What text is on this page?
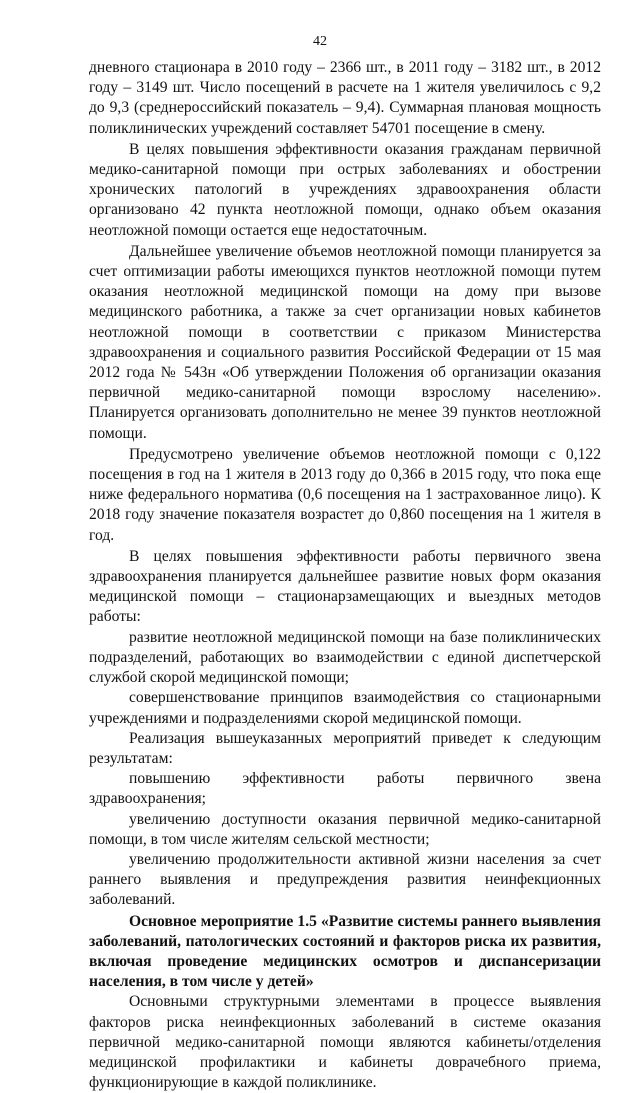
42

дневного стационара в 2010 году – 2366 шт., в 2011 году – 3182 шт., в 2012 году – 3149 шт. Число посещений в расчете на 1 жителя увеличилось с 9,2 до 9,3 (среднероссийский показатель – 9,4). Суммарная плановая мощность поликлинических учреждений составляет 54701 посещение в смену.

В целях повышения эффективности оказания гражданам первичной медико-санитарной помощи при острых заболеваниях и обострении хронических патологий в учреждениях здравоохранения области организовано 42 пункта неотложной помощи, однако объем оказания неотложной помощи остается еще недостаточным.

Дальнейшее увеличение объемов неотложной помощи планируется за счет оптимизации работы имеющихся пунктов неотложной помощи путем оказания неотложной медицинской помощи на дому при вызове медицинского работника, а также за счет организации новых кабинетов неотложной помощи в соответствии с приказом Министерства здравоохранения и социального развития Российской Федерации от 15 мая 2012 года № 543н «Об утверждении Положения об организации оказания первичной медико-санитарной помощи взрослому населению». Планируется организовать дополнительно не менее 39 пунктов неотложной помощи.

Предусмотрено увеличение объемов неотложной помощи с 0,122 посещения в год на 1 жителя в 2013 году до 0,366 в 2015 году, что пока еще ниже федерального норматива (0,6 посещения на 1 застрахованное лицо). К 2018 году значение показателя возрастет до 0,860 посещения на 1 жителя в год.

В целях повышения эффективности работы первичного звена здравоохранения планируется дальнейшее развитие новых форм оказания медицинской помощи – стационарзамещающих и выездных методов работы:

развитие неотложной медицинской помощи на базе поликлинических подразделений, работающих во взаимодействии с единой диспетчерской службой скорой медицинской помощи;

совершенствование принципов взаимодействия со стационарными учреждениями и подразделениями скорой медицинской помощи.

Реализация вышеуказанных мероприятий приведет к следующим результатам:

повышению эффективности работы первичного звена здравоохранения;

увеличению доступности оказания первичной медико-санитарной помощи, в том числе жителям сельской местности;

увеличению продолжительности активной жизни населения за счет раннего выявления и предупреждения развития неинфекционных заболеваний.

Основное мероприятие 1.5 «Развитие системы раннего выявления заболеваний, патологических состояний и факторов риска их развития, включая проведение медицинских осмотров и диспансеризации населения, в том числе у детей»

Основными структурными элементами в процессе выявления факторов риска неинфекционных заболеваний в системе оказания первичной медико-санитарной помощи являются кабинеты/отделения медицинской профилактики и кабинеты доврачебного приема, функционирующие в каждой поликлинике.
